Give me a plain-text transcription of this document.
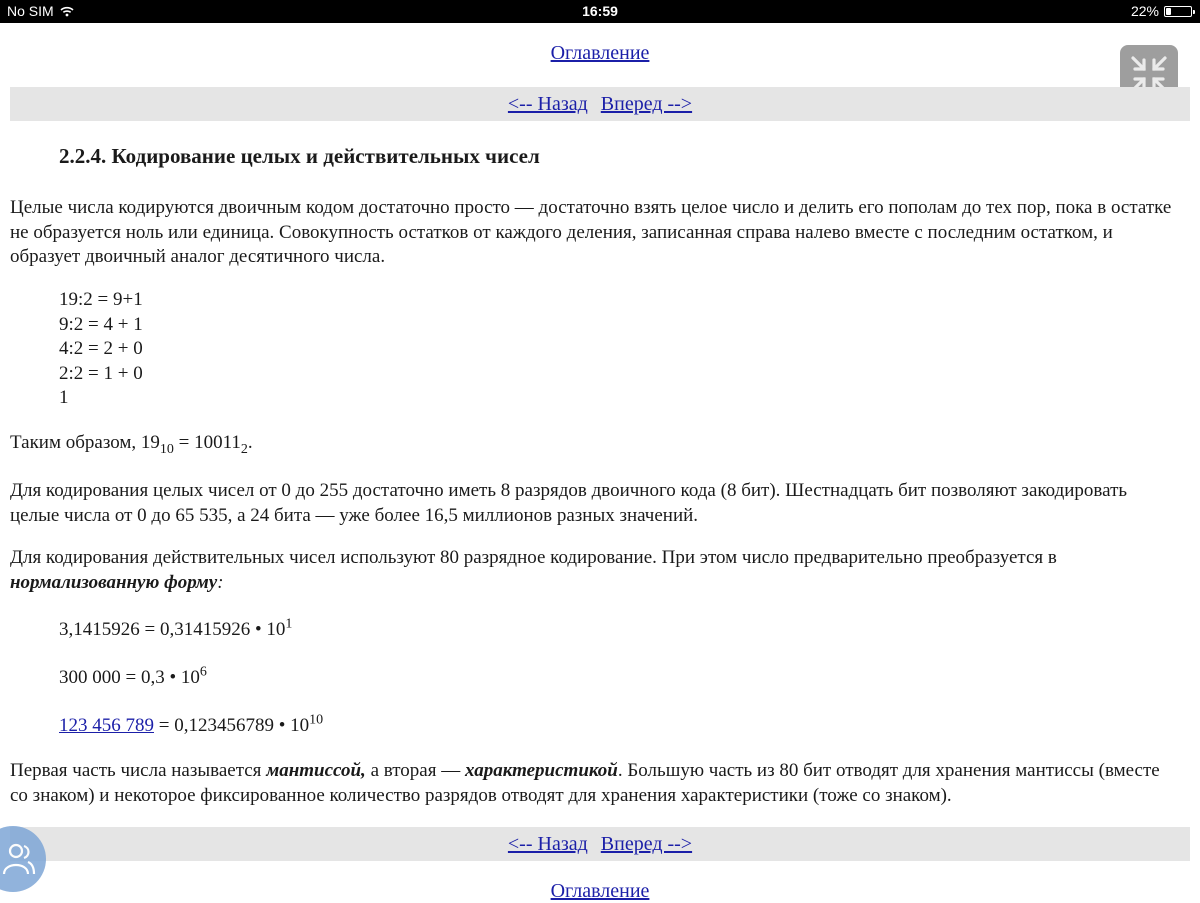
No SIM	16:59	22%
Оглавление
<-- Назад Вперед -->
2.2.4. Кодирование целых и действительных чисел

Целые числа кодируются двоичным кодом достаточно просто — достаточно взять целое число и делить его пополам до тех пор, пока в остатке не образуется ноль или единица. Совокупность остатков от каждого деления, записанная справа налево вместе с последним остатком, и образует двоичный аналог десятичного числа.

19:2 = 9+1
9:2 = 4 + 1
4:2 = 2 + 0
2:2 = 1 + 0
1
Таким образом, $19_{10} = 10011_2$.

Для кодирования целых чисел от 0 до 255 достаточно иметь 8 разрядов двоичного кода (8 бит). Шестнадцать бит позволяют закодировать целые числа от 0 до 65 535, а 24 бита — уже более 16,5 миллионов разных значений.

Для кодирования действительных чисел используют 80 разрядное кодирование. При этом число предварительно преобразуется в нормализованную форму:

3,1415926 = 0,31415926 • $10^1$
300 000 = 0,3 • $10^6$
123 456 789 = 0,123456789 • $10^{10}$

Первая часть числа называется мантиссой, а вторая — характеристикой. Большую часть из 80 бит отводят для хранения мантиссы (вместе со знаком) и некоторое фиксированное количество разрядов отводят для хранения характеристики (тоже со знаком).

<-- Назад Вперед -->
Оглавление
